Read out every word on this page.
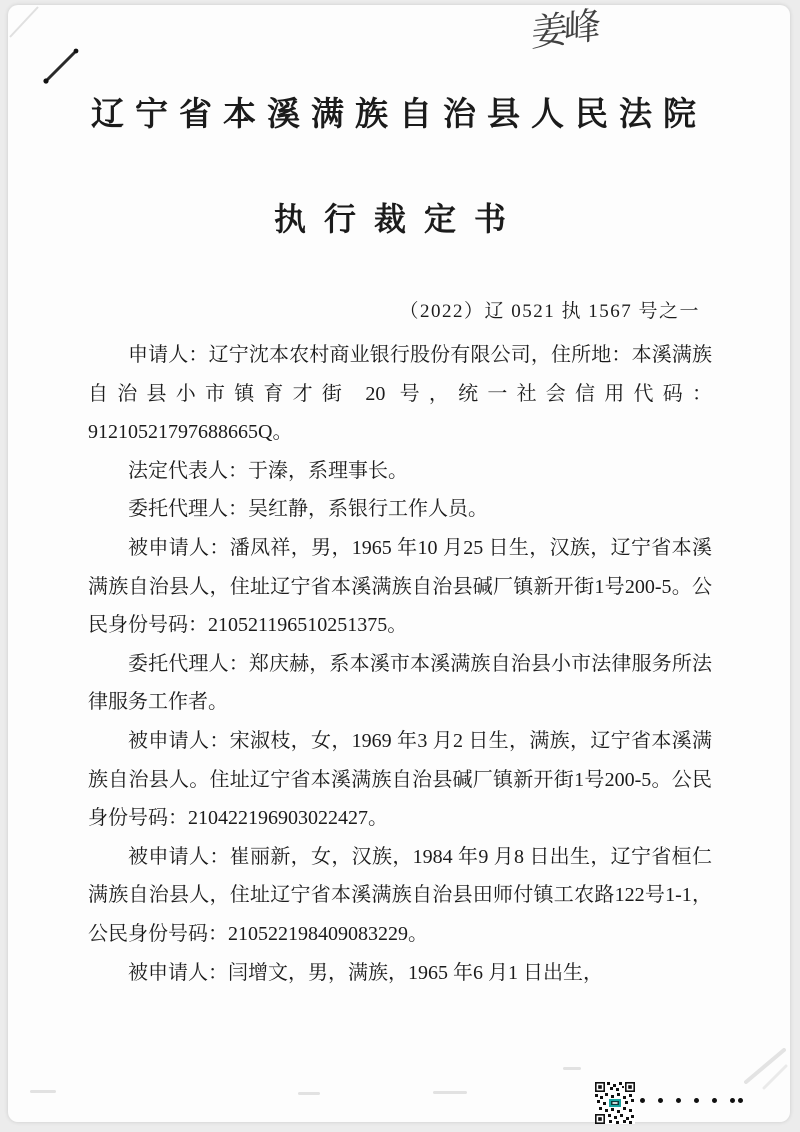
姜峰
辽宁省本溪满族自治县人民法院
执行裁定书
（2022）辽 0521 执 1567 号之一

申请人：辽宁沈本农村商业银行股份有限公司，住所地：本溪满族自治县小市镇育才街 20 号，统一社会信用代码：91210521797688665Q。

法定代表人：于溱，系理事长。

委托代理人：吴红静，系银行工作人员。

被申请人：潘凤祥，男，1965 年10 月25 日生，汉族，辽宁省本溪满族自治县人，住址辽宁省本溪满族自治县碱厂镇新开街1号200-5。公民身份号码：210521196510251375。

委托代理人：郑庆赫，系本溪市本溪满族自治县小市法律服务所法律服务工作者。

被申请人：宋淑枝，女，1969 年3 月2 日生，满族，辽宁省本溪满族自治县人。住址辽宁省本溪满族自治县碱厂镇新开街1号200-5。公民身份号码：210422196903022427。

被申请人：崔丽新，女，汉族，1984 年9 月8 日出生，辽宁省桓仁满族自治县人，住址辽宁省本溪满族自治县田师付镇工农路122号1-1，公民身份号码：210522198409083229。

被申请人：闫增文，男，满族，1965 年6 月1 日出生，
